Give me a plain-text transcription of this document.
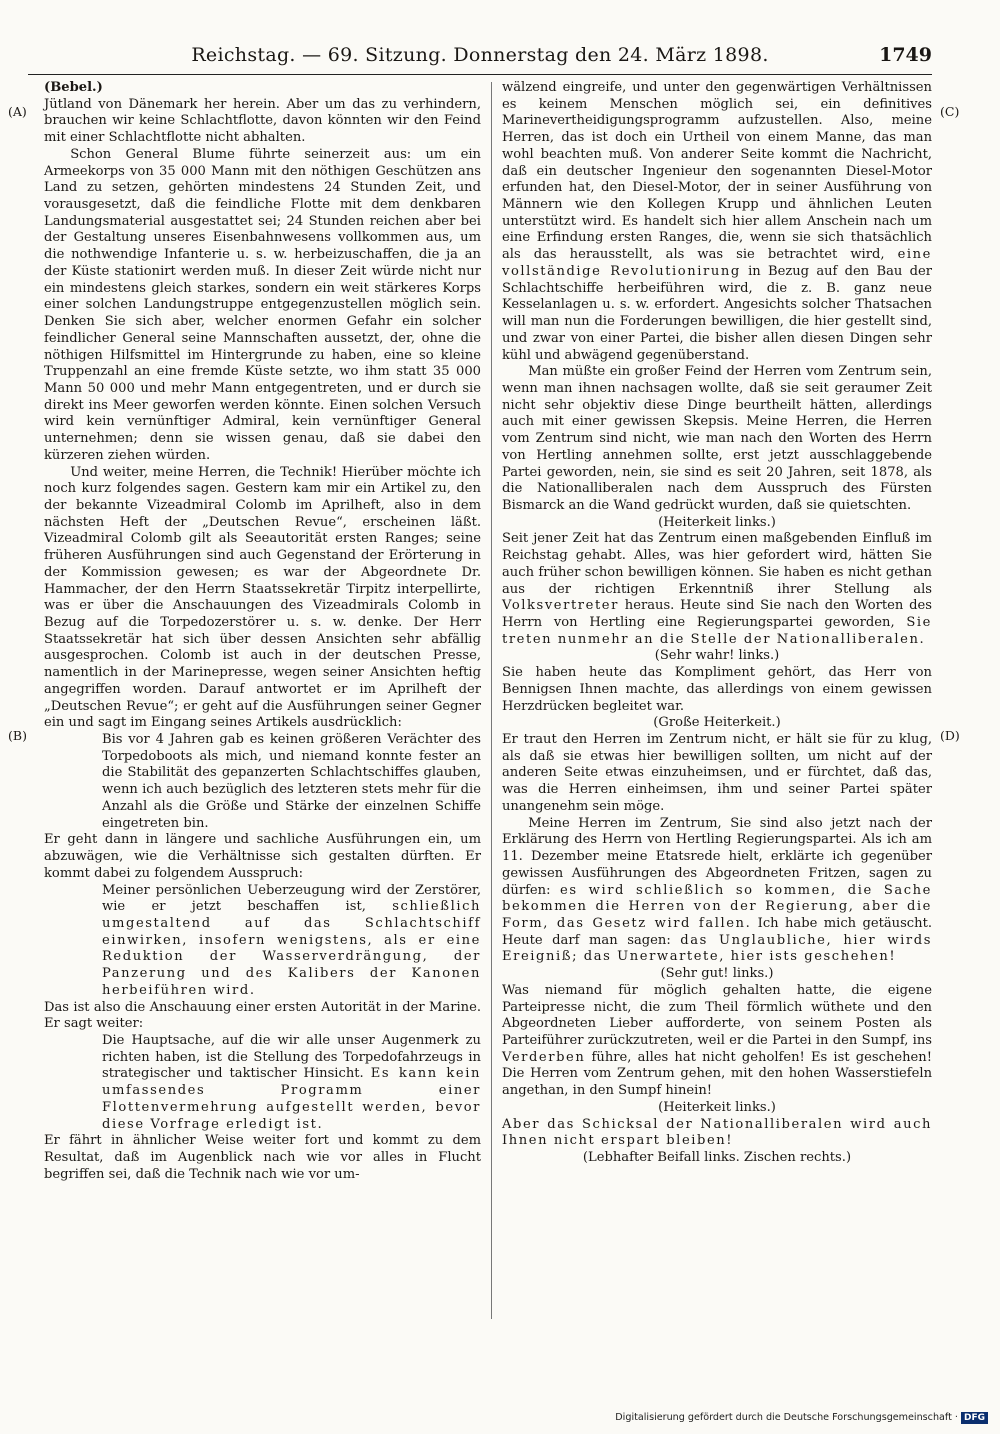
Reichstag. — 69. Sitzung. Donnerstag den 24. März 1898.	1749
(A)
(B)
(C)
(D)

(Bebel.)

Jütland von Dänemark her herein. Aber um das zu verhindern, brauchen wir keine Schlachtflotte, davon könnten wir den Feind mit einer Schlachtflotte nicht abhalten.

Schon General Blume führte seinerzeit aus: um ein Armeekorps von 35 000 Mann mit den nöthigen Geschützen ans Land zu setzen, gehörten mindestens 24 Stunden Zeit, und vorausgesetzt, daß die feindliche Flotte mit dem denkbaren Landungsmaterial ausgestattet sei; 24 Stunden reichen aber bei der Gestaltung unseres Eisenbahnwesens vollkommen aus, um die nothwendige Infanterie u. s. w. herbeizuschaffen, die ja an der Küste stationirt werden muß. In dieser Zeit würde nicht nur ein mindestens gleich starkes, sondern ein weit stärkeres Korps einer solchen Landungstruppe entgegenzustellen möglich sein. Denken Sie sich aber, welcher enormen Gefahr ein solcher feindlicher General seine Mannschaften aussetzt, der, ohne die nöthigen Hilfsmittel im Hintergrunde zu haben, eine so kleine Truppenzahl an eine fremde Küste setzte, wo ihm statt 35 000 Mann 50 000 und mehr Mann entgegentreten, und er durch sie direkt ins Meer geworfen werden könnte. Einen solchen Versuch wird kein vernünftiger Admiral, kein vernünftiger General unternehmen; denn sie wissen genau, daß sie dabei den kürzeren ziehen würden.

Und weiter, meine Herren, die Technik! Hierüber möchte ich noch kurz folgendes sagen. Gestern kam mir ein Artikel zu, den der bekannte Vizeadmiral Colomb im Aprilheft, also in dem nächsten Heft der „Deutschen Revue“, erscheinen läßt. Vizeadmiral Colomb gilt als Seeautorität ersten Ranges; seine früheren Ausführungen sind auch Gegenstand der Erörterung in der Kommission gewesen; es war der Abgeordnete Dr. Hammacher, der den Herrn Staatssekretär Tirpitz interpellirte, was er über die Anschauungen des Vizeadmirals Colomb in Bezug auf die Torpedozerstörer u. s. w. denke. Der Herr Staatssekretär hat sich über dessen Ansichten sehr abfällig ausgesprochen. Colomb ist auch in der deutschen Presse, namentlich in der Marinepresse, wegen seiner Ansichten heftig angegriffen worden. Darauf antwortet er im Aprilheft der „Deutschen Revue“; er geht auf die Ausführungen seiner Gegner ein und sagt im Eingang seines Artikels ausdrücklich:

Bis vor 4 Jahren gab es keinen größeren Verächter des Torpedoboots als mich, und niemand konnte fester an die Stabilität des gepanzerten Schlachtschiffes glauben, wenn ich auch bezüglich des letzteren stets mehr für die Anzahl als die Größe und Stärke der einzelnen Schiffe eingetreten bin.

Er geht dann in längere und sachliche Ausführungen ein, um abzuwägen, wie die Verhältnisse sich gestalten dürften. Er kommt dabei zu folgendem Ausspruch:

Meiner persönlichen Ueberzeugung wird der Zerstörer, wie er jetzt beschaffen ist, schließlich umgestaltend auf das Schlachtschiff einwirken, insofern wenigstens, als er eine Reduktion der Wasserverdrängung, der Panzerung und des Kalibers der Kanonen herbeiführen wird.

Das ist also die Anschauung einer ersten Autorität in der Marine. Er sagt weiter:

Die Hauptsache, auf die wir alle unser Augenmerk zu richten haben, ist die Stellung des Torpedofahrzeugs in strategischer und taktischer Hinsicht. Es kann kein umfassendes Programm einer Flottenvermehrung aufgestellt werden, bevor diese Vorfrage erledigt ist.

Er fährt in ähnlicher Weise weiter fort und kommt zu dem Resultat, daß im Augenblick nach wie vor alles in Flucht begriffen sei, daß die Technik nach wie vor um-

wälzend eingreife, und unter den gegenwärtigen Verhältnissen es keinem Menschen möglich sei, ein definitives Marinevertheidigungsprogramm aufzustellen. Also, meine Herren, das ist doch ein Urtheil von einem Manne, das man wohl beachten muß. Von anderer Seite kommt die Nachricht, daß ein deutscher Ingenieur den sogenannten Diesel-Motor erfunden hat, den Diesel-Motor, der in seiner Ausführung von Männern wie den Kollegen Krupp und ähnlichen Leuten unterstützt wird. Es handelt sich hier allem Anschein nach um eine Erfindung ersten Ranges, die, wenn sie sich thatsächlich als das herausstellt, als was sie betrachtet wird, eine vollständige Revolutionirung in Bezug auf den Bau der Schlachtschiffe herbeiführen wird, die z. B. ganz neue Kesselanlagen u. s. w. erfordert. Angesichts solcher Thatsachen will man nun die Forderungen bewilligen, die hier gestellt sind, und zwar von einer Partei, die bisher allen diesen Dingen sehr kühl und abwägend gegenüberstand.

Man müßte ein großer Feind der Herren vom Zentrum sein, wenn man ihnen nachsagen wollte, daß sie seit geraumer Zeit nicht sehr objektiv diese Dinge beurtheilt hätten, allerdings auch mit einer gewissen Skepsis. Meine Herren, die Herren vom Zentrum sind nicht, wie man nach den Worten des Herrn von Hertling annehmen sollte, erst jetzt ausschlaggebende Partei geworden, nein, sie sind es seit 20 Jahren, seit 1878, als die Nationalliberalen nach dem Ausspruch des Fürsten Bismarck an die Wand gedrückt wurden, daß sie quietschten.

(Heiterkeit links.)

Seit jener Zeit hat das Zentrum einen maßgebenden Einfluß im Reichstag gehabt. Alles, was hier gefordert wird, hätten Sie auch früher schon bewilligen können. Sie haben es nicht gethan aus der richtigen Erkenntniß ihrer Stellung als Volksvertreter heraus. Heute sind Sie nach den Worten des Herrn von Hertling eine Regierungspartei geworden, Sie treten nunmehr an die Stelle der Nationalliberalen.

(Sehr wahr! links.)

Sie haben heute das Kompliment gehört, das Herr von Bennigsen Ihnen machte, das allerdings von einem gewissen Herzdrücken begleitet war.

(Große Heiterkeit.)

Er traut den Herren im Zentrum nicht, er hält sie für zu klug, als daß sie etwas hier bewilligen sollten, um nicht auf der anderen Seite etwas einzuheimsen, und er fürchtet, daß das, was die Herren einheimsen, ihm und seiner Partei später unangenehm sein möge.

Meine Herren im Zentrum, Sie sind also jetzt nach der Erklärung des Herrn von Hertling Regierungspartei. Als ich am 11. Dezember meine Etatsrede hielt, erklärte ich gegenüber gewissen Ausführungen des Abgeordneten Fritzen, sagen zu dürfen: es wird schließlich so kommen, die Sache bekommen die Herren von der Regierung, aber die Form, das Gesetz wird fallen. Ich habe mich getäuscht. Heute darf man sagen: das Unglaubliche, hier wirds Ereigniß; das Unerwartete, hier ists geschehen!

(Sehr gut! links.)

Was niemand für möglich gehalten hatte, die eigene Parteipresse nicht, die zum Theil förmlich wüthete und den Abgeordneten Lieber aufforderte, von seinem Posten als Parteiführer zurückzutreten, weil er die Partei in den Sumpf, ins Verderben führe, alles hat nicht geholfen! Es ist geschehen! Die Herren vom Zentrum gehen, mit den hohen Wasserstiefeln angethan, in den Sumpf hinein!

(Heiterkeit links.)

Aber das Schicksal der Nationalliberalen wird auch Ihnen nicht erspart bleiben!

(Lebhafter Beifall links. Zischen rechts.)

Digitalisierung gefördert durch die Deutsche Forschungsgemeinschaft · DFG
